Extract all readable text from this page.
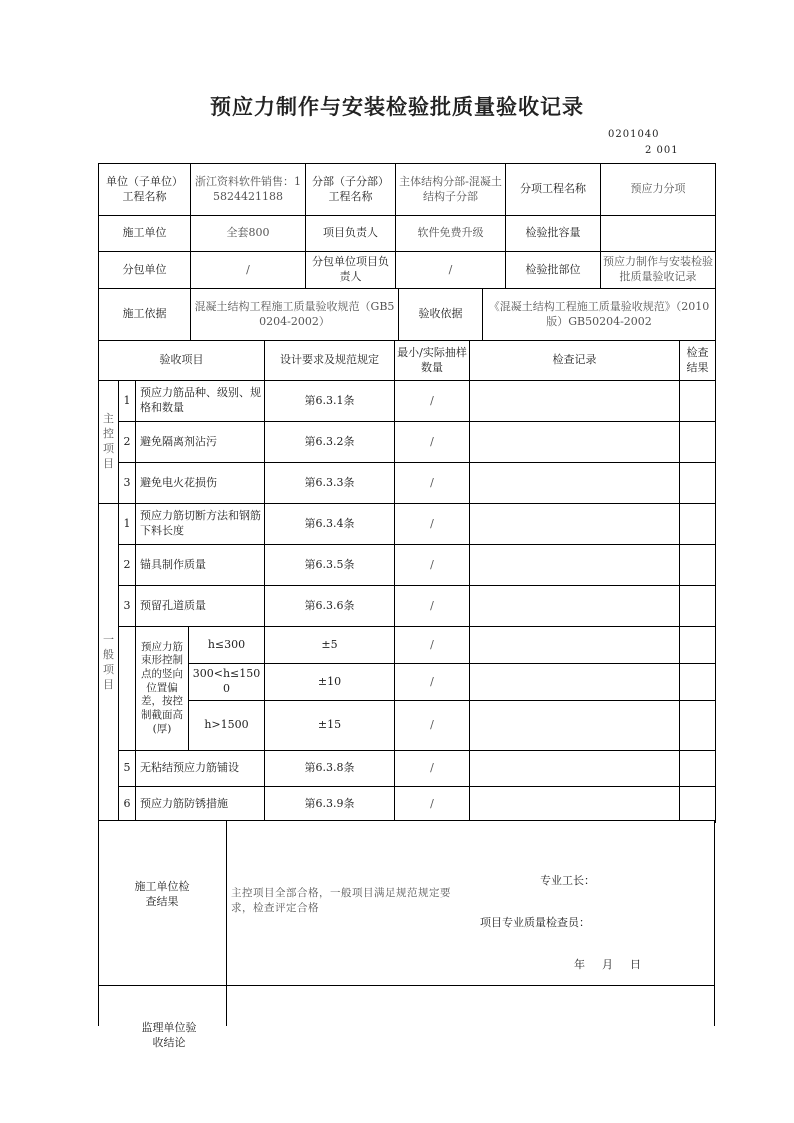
预应力制作与安装检验批质量验收记录
0201040
2 001
单位（子单位）工程名称	浙江资料软件销售：15824421188	分部（子分部）工程名称	主体结构分部-混凝土结构子分部	分项工程名称	预应力分项
施工单位	全套800	项目负责人	软件免费升级	检验批容量	
分包单位	/	分包单位项目负责人	/	检验批部位	预应力制作与安装检验批质量验收记录
施工依据	混凝土结构工程施工质量验收规范（GB50204-2002）	验收依据	《混凝土结构工程施工质量验收规范》（2010版）GB50204-2002
验收项目				设计要求及规范规定	最小/实际抽样数量	检查记录	检查结果
主控项目	1	预应力筋品种、级别、规格和数量		第6.3.1条	/		
	2	避免隔离剂沾污		第6.3.2条	/		
	3	避免电火花损伤		第6.3.3条	/		
一般项目	1	预应力筋切断方法和钢筋下料长度		第6.3.4条	/		
	2	锚具制作质量		第6.3.5条	/		
	3	预留孔道质量		第6.3.6条	/		
		预应力筋束形控制点的竖向位置偏差，按控制截面高(厚)	h≤300	±5	/		
			300<h≤1500	±10	/		
			h>1500	±15	/		
	5	无粘结预应力筋铺设		第6.3.8条	/		
	6	预应力筋防锈措施		第6.3.9条	/		
施工单位检查结果
主控项目全部合格，一般项目满足规范规定要求，检查评定合格
专业工长：
项目专业质量检查员：
年　月　日
监理单位验收结论
